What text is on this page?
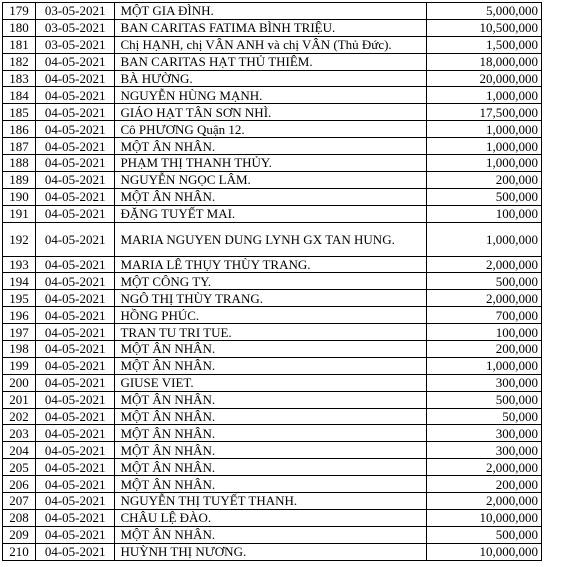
179	03-05-2021	MỘT GIA ĐÌNH.	5,000,000
180	03-05-2021	BAN CARITAS FATIMA BÌNH TRIỆU.	10,500,000
181	03-05-2021	Chị HẠNH, chị VÂN ANH và chị VÂN (Thủ Đức).	1,500,000
182	04-05-2021	BAN CARITAS HẠT THỦ THIÊM.	18,000,000
183	04-05-2021	BÀ HƯỜNG.	20,000,000
184	04-05-2021	NGUYỄN HÙNG MẠNH.	1,000,000
185	04-05-2021	GIÁO HẠT TÂN SƠN NHÌ.	17,500,000
186	04-05-2021	Cô PHƯƠNG Quận 12.	1,000,000
187	04-05-2021	MỘT ÂN NHÂN.	1,000,000
188	04-05-2021	PHẠM THỊ THANH THỦY.	1,000,000
189	04-05-2021	NGUYỄN NGỌC LÂM.	200,000
190	04-05-2021	MỘT ÂN NHÂN.	500,000
191	04-05-2021	ĐẶNG TUYẾT MAI.	100,000
192	04-05-2021	MARIA NGUYEN DUNG LYNH GX TAN HUNG.	1,000,000
193	04-05-2021	MARIA LÊ THỤY THÙY TRANG.	2,000,000
194	04-05-2021	MỘT CÔNG TY.	500,000
195	04-05-2021	NGÔ THỊ THÙY TRANG.	2,000,000
196	04-05-2021	HỒNG PHÚC.	700,000
197	04-05-2021	TRAN TU TRI TUE.	100,000
198	04-05-2021	MỘT ÂN NHÂN.	200,000
199	04-05-2021	MỘT ÂN NHÂN.	1,000,000
200	04-05-2021	GIUSE VIET.	300,000
201	04-05-2021	MỘT ÂN NHÂN.	500,000
202	04-05-2021	MỘT ÂN NHÂN.	50,000
203	04-05-2021	MỘT ÂN NHÂN.	300,000
204	04-05-2021	MỘT ÂN NHÂN.	300,000
205	04-05-2021	MỘT ÂN NHÂN.	2,000,000
206	04-05-2021	MỘT ÂN NHÂN.	200,000
207	04-05-2021	NGUYỄN THỊ TUYẾT THANH.	2,000,000
208	04-05-2021	CHÂU LỆ ĐÀO.	10,000,000
209	04-05-2021	MỘT ÂN NHÂN.	500,000
210	04-05-2021	HUỲNH THỊ NƯƠNG.	10,000,000
